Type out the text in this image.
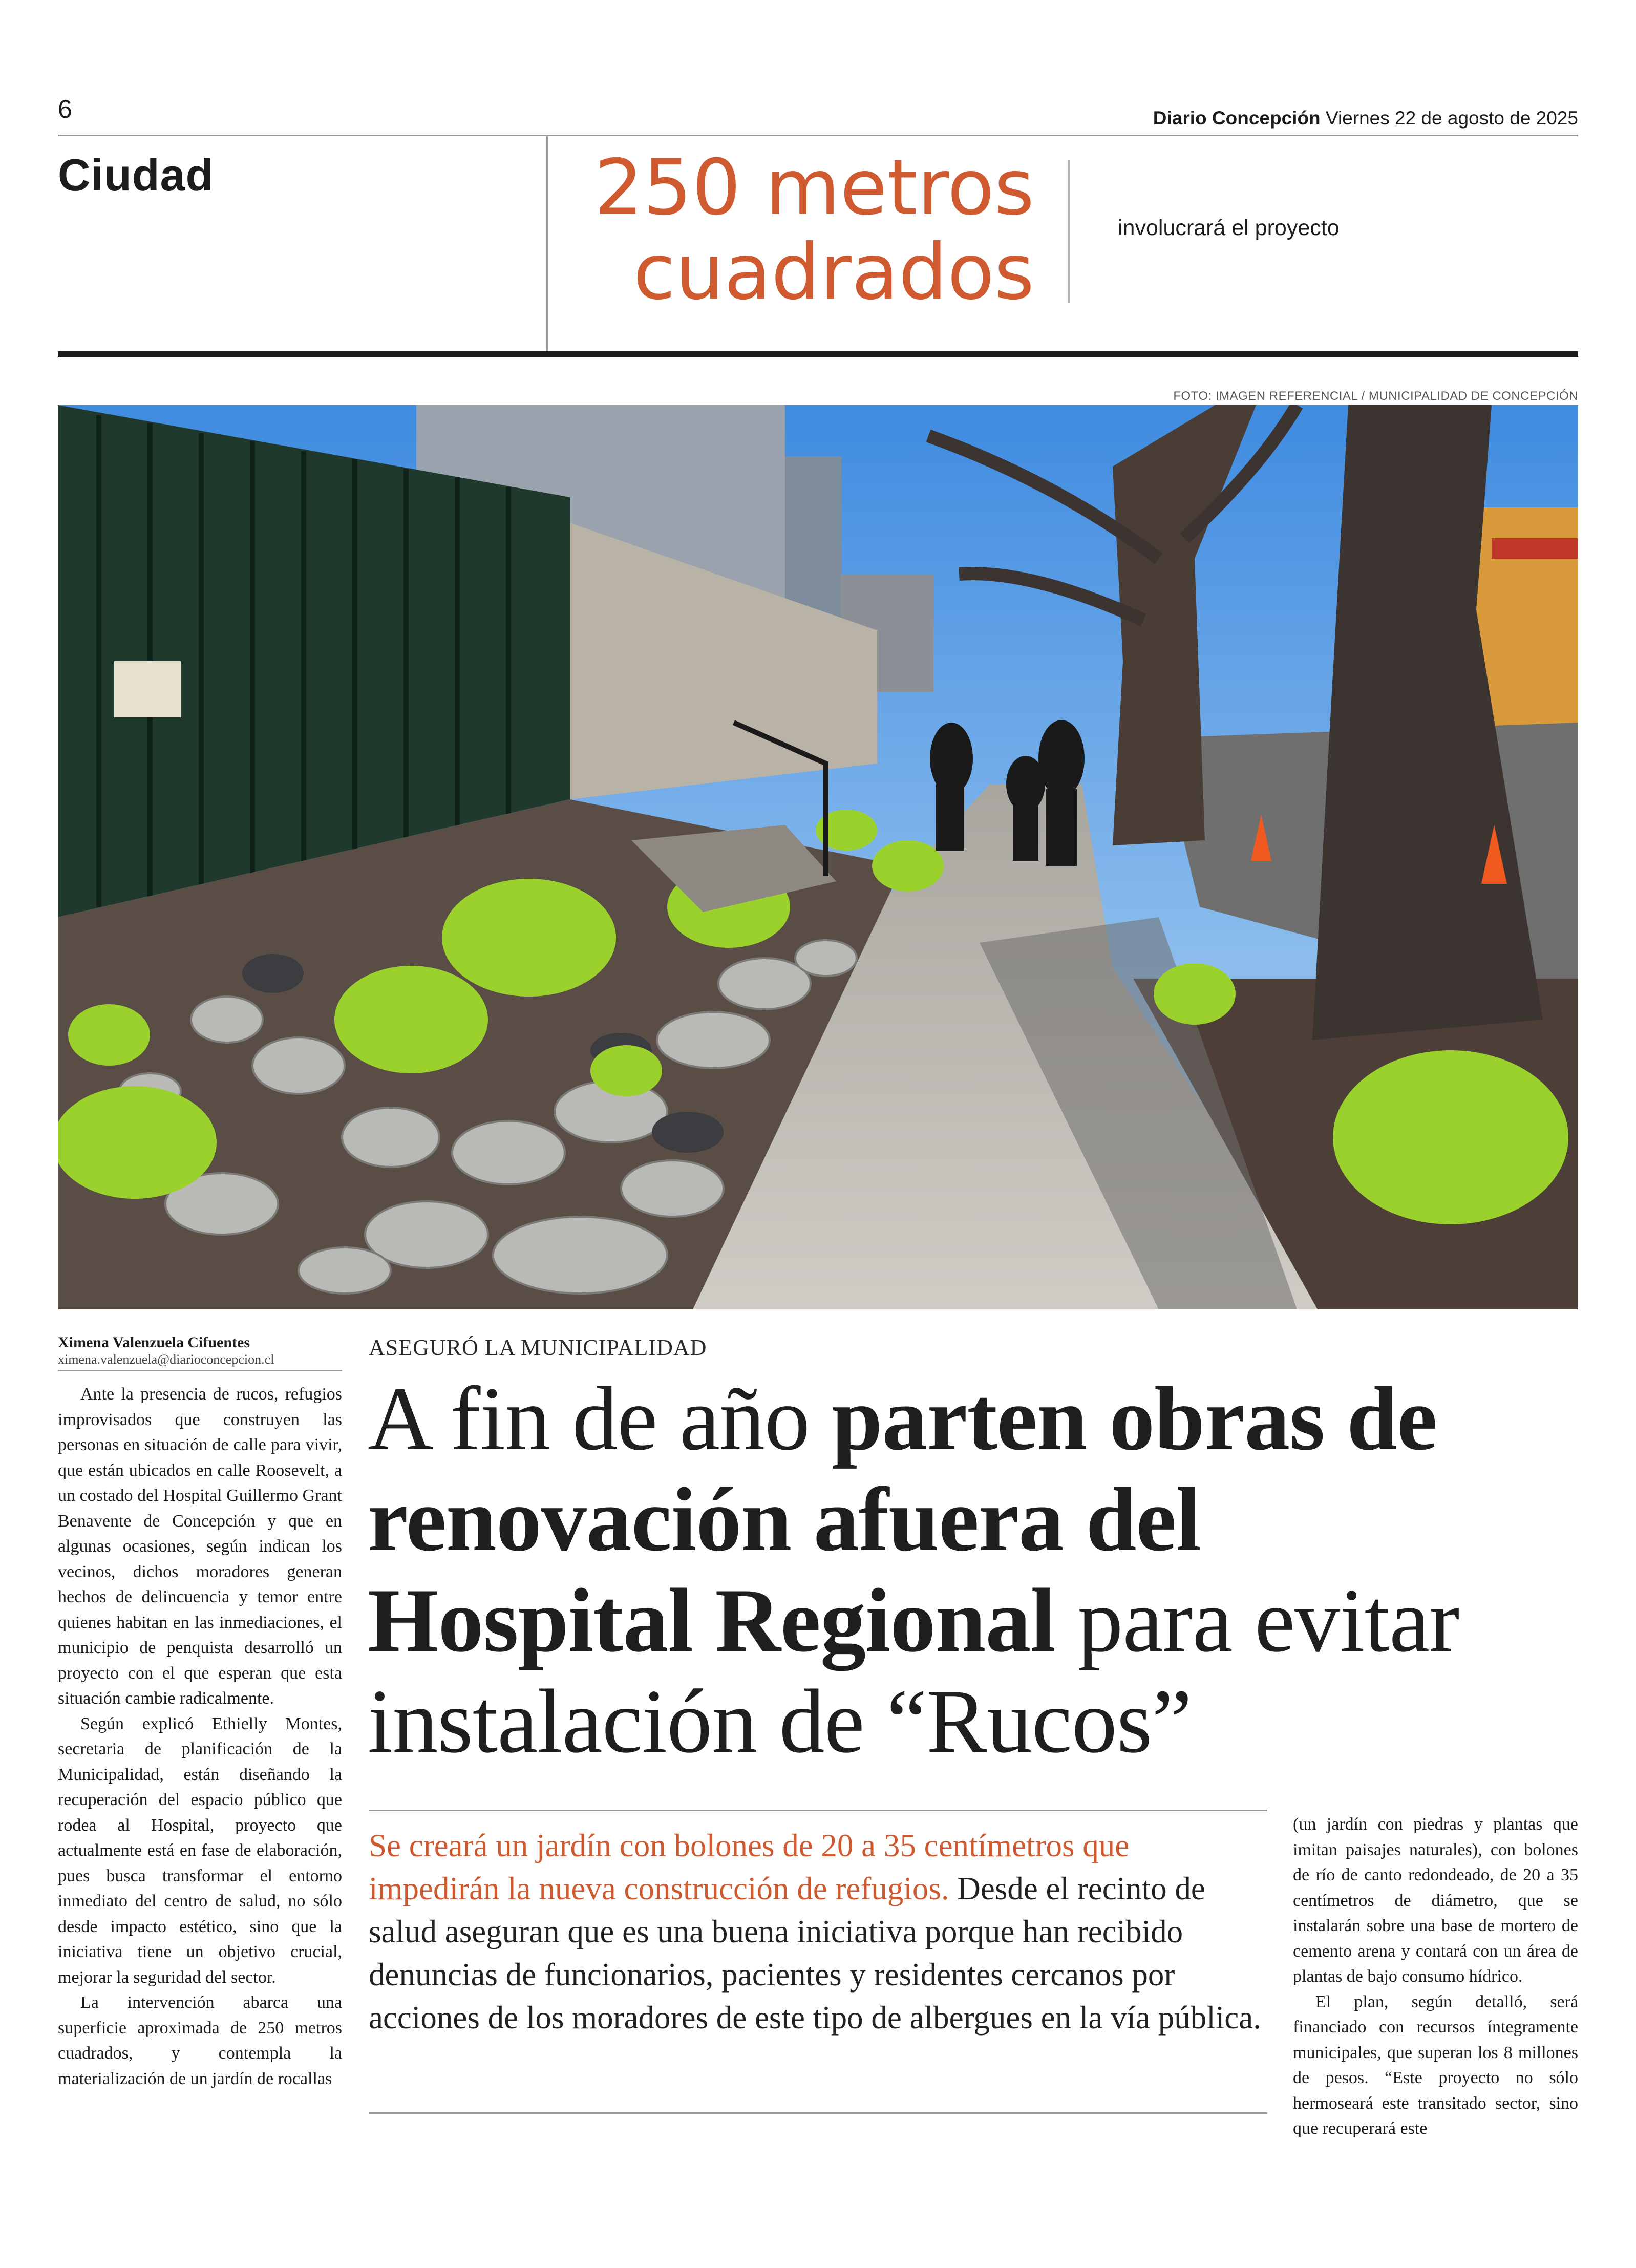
6	Diario Concepción Viernes 22 de agosto de 2025
Ciudad	250 metros
cuadrados	involucrará el proyecto
FOTO: IMAGEN REFERENCIAL / MUNICIPALIDAD DE CONCEPCIÓN
Ximena Valenzuela Cifuentes
ximena.valenzuela@diarioconcepcion.cl

Ante la presencia de rucos, refugios improvisados que construyen las personas en situación de calle para vivir, que están ubicados en calle Roosevelt, a un costado del Hospital Guillermo Grant Benavente de Concepción y que en algunas ocasiones, según indican los vecinos, dichos moradores generan hechos de delincuencia y temor entre quienes habitan en las inmediaciones, el municipio de penquista desarrolló un proyecto con el que esperan que esta situación cambie radicalmente.

Según explicó Ethielly Montes, secretaria de planificación de la Municipalidad, están diseñando la recuperación del espacio público que rodea al Hospital, proyecto que actualmente está en fase de elaboración, pues busca transformar el entorno inmediato del centro de salud, no sólo desde impacto estético, sino que la iniciativa tiene un objetivo crucial, mejorar la seguridad del sector.

La intervención abarca una superficie aproximada de 250 metros cuadrados, y contempla la materialización de un jardín de rocallas

ASEGURÓ LA MUNICIPALIDAD
A fin de año parten obras de renovación afuera del Hospital Regional para evitar instalación de “Rucos”
Se creará un jardín con bolones de 20 a 35 centímetros que impedirán la nueva construcción de refugios. Desde el recinto de salud aseguran que es una buena iniciativa porque han recibido denuncias de funcionarios, pacientes y residentes cercanos por acciones de los moradores de este tipo de albergues en la vía pública.

(un jardín con piedras y plantas que imitan paisajes naturales), con bolones de río de canto redondeado, de 20 a 35 centímetros de diámetro, que se instalarán sobre una base de mortero de cemento arena y contará con un área de plantas de bajo consumo hídrico.

El plan, según detalló, será financiado con recursos íntegramente municipales, que superan los 8 millones de pesos. “Este proyecto no sólo hermoseará este transitado sector, sino que recuperará este
